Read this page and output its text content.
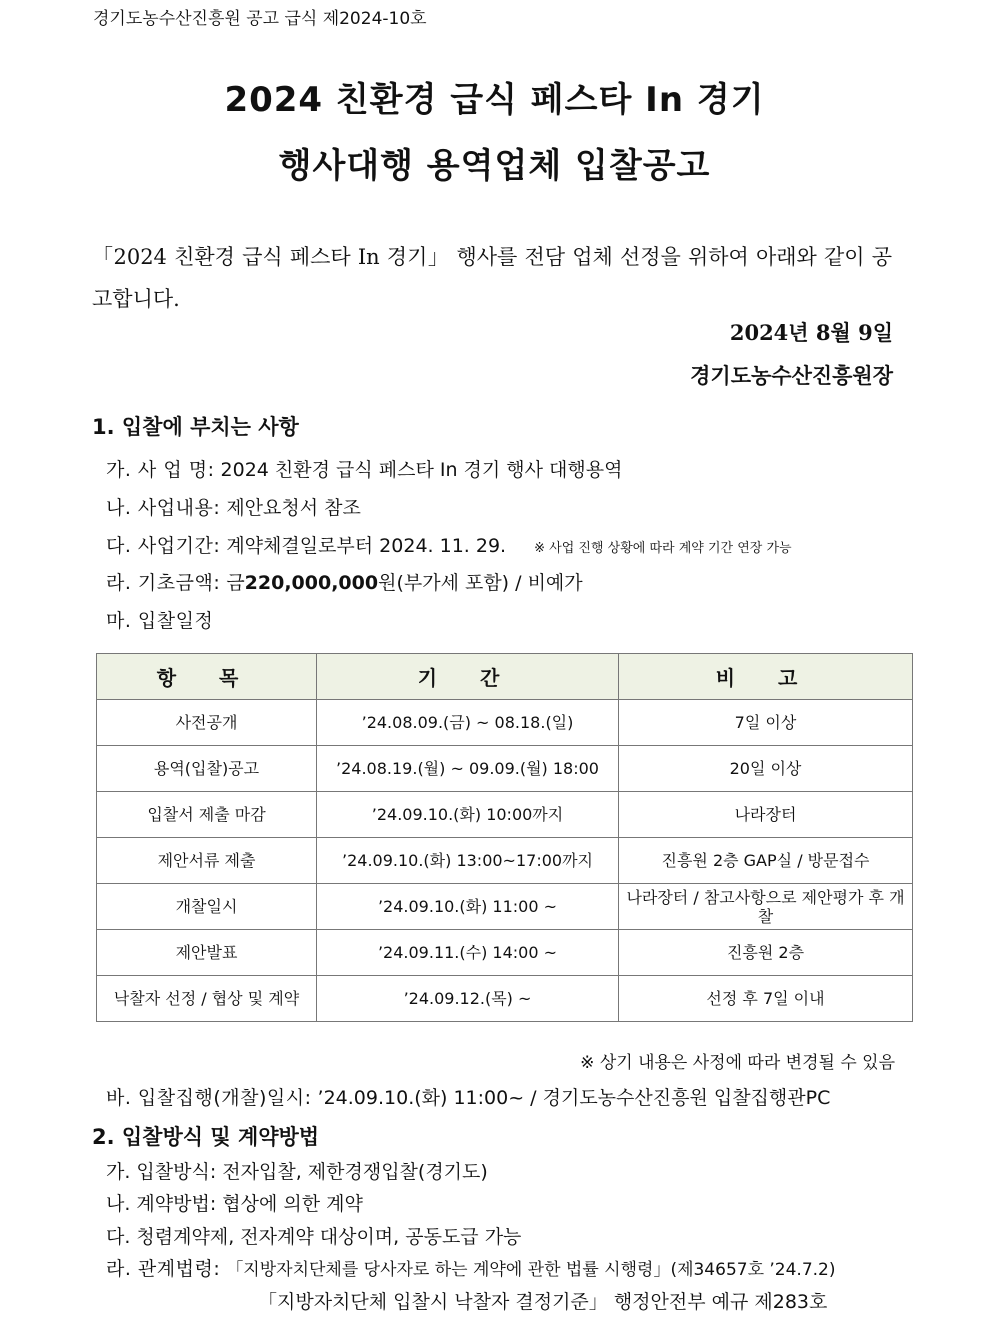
경기도농수산진흥원 공고 급식 제2024-10호
2024 친환경 급식 페스타 In 경기
행사대행 용역업체 입찰공고
「2024 친환경 급식 페스타 In 경기」 행사를 전담 업체 선정을 위하여 아래와 같이 공고합니다.
2024년 8월 9일
경기도농수산진흥원장
1. 입찰에 부치는 사항
가. 사 업 명: 2024 친환경 급식 페스타 In 경기 행사 대행용역
나. 사업내용: 제안요청서 참조
다. 사업기간: 계약체결일로부터 2024. 11. 29. ※ 사업 진행 상황에 따라 계약 기간 연장 가능
라. 기초금액: 금220,000,000원(부가세 포함) / 비예가
마. 입찰일정
항 목	기 간	비 고
사전공개	’24.08.09.(금) ~ 08.18.(일)	7일 이상
용역(입찰)공고	’24.08.19.(월) ~ 09.09.(월) 18:00	20일 이상
입찰서 제출 마감	’24.09.10.(화) 10:00까지	나라장터
제안서류 제출	’24.09.10.(화) 13:00~17:00까지	진흥원 2층 GAP실 / 방문접수
개찰일시	’24.09.10.(화) 11:00 ~	나라장터 / 참고사항으로 제안평가 후 개찰
제안발표	’24.09.11.(수) 14:00 ~	진흥원 2층
낙찰자 선정 / 협상 및 계약	’24.09.12.(목) ~	선정 후 7일 이내
※ 상기 내용은 사정에 따라 변경될 수 있음
바. 입찰집행(개찰)일시: ’24.09.10.(화) 11:00~ / 경기도농수산진흥원 입찰집행관PC
2. 입찰방식 및 계약방법
가. 입찰방식: 전자입찰, 제한경쟁입찰(경기도)
나. 계약방법: 협상에 의한 계약
다. 청렴계약제, 전자계약 대상이며, 공동도급 가능
라. 관계법령: 「지방자치단체를 당사자로 하는 계약에 관한 법률 시행령」(제34657호 ’24.7.2)
「지방자치단체 입찰시 낙찰자 결정기준」 행정안전부 예규 제283호
